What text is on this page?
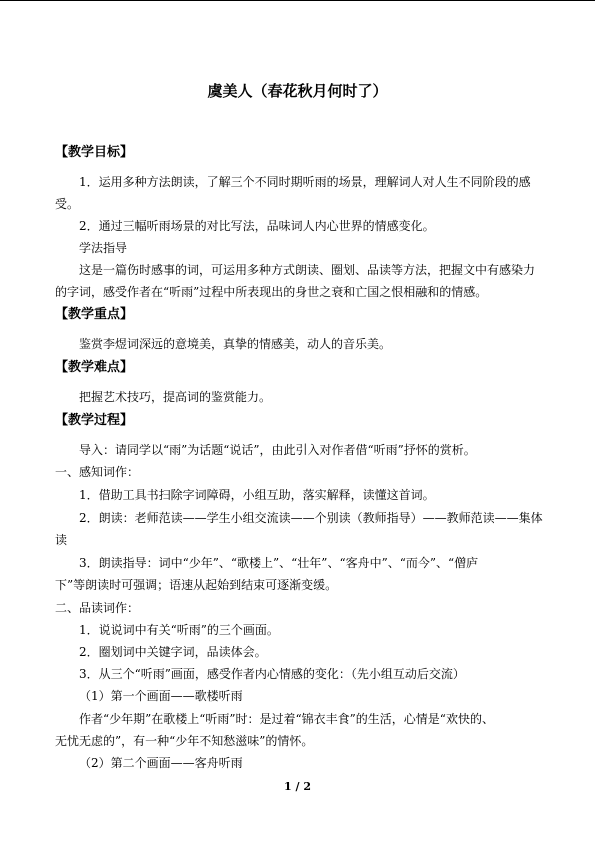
虞美人（春花秋月何时了）
【教学目标】
1．运用多种方法朗读，了解三个不同时期听雨的场景，理解词人对人生不同阶段的感
受。
2．通过三幅听雨场景的对比写法，品味词人内心世界的情感变化。
学法指导
这是一篇伤时感事的词，可运用多种方式朗读、圈划、品读等方法，把握文中有感染力
的字词，感受作者在“听雨”过程中所表现出的身世之衰和亡国之恨相融和的情感。
【教学重点】
鉴赏李煜词深远的意境美，真挚的情感美，动人的音乐美。
【教学难点】
把握艺术技巧，提高词的鉴赏能力。
【教学过程】
导入：请同学以“雨”为话题“说话”，由此引入对作者借“听雨”抒怀的赏析。
一、感知词作：
1．借助工具书扫除字词障碍，小组互助，落实解释，读懂这首词。
2．朗读：老师范读——学生小组交流读——个别读（教师指导）——教师范读——集体
读
3．朗读指导：词中“少年”、“歌楼上”、“壮年”、“客舟中”、“而今”、“僧庐
下”等朗读时可强调；语速从起始到结束可逐渐变缓。
二、品读词作：
1．说说词中有关“听雨”的三个画面。
2．圈划词中关键字词，品读体会。
3．从三个“听雨”画面，感受作者内心情感的变化：（先小组互动后交流）
（1）第一个画面——歌楼听雨
作者“少年期”在歌楼上“听雨”时：是过着“锦衣丰食”的生活，心情是“欢快的、
无忧无虑的”，有一种“少年不知愁滋味”的情怀。
（2）第二个画面——客舟听雨
1 / 2
